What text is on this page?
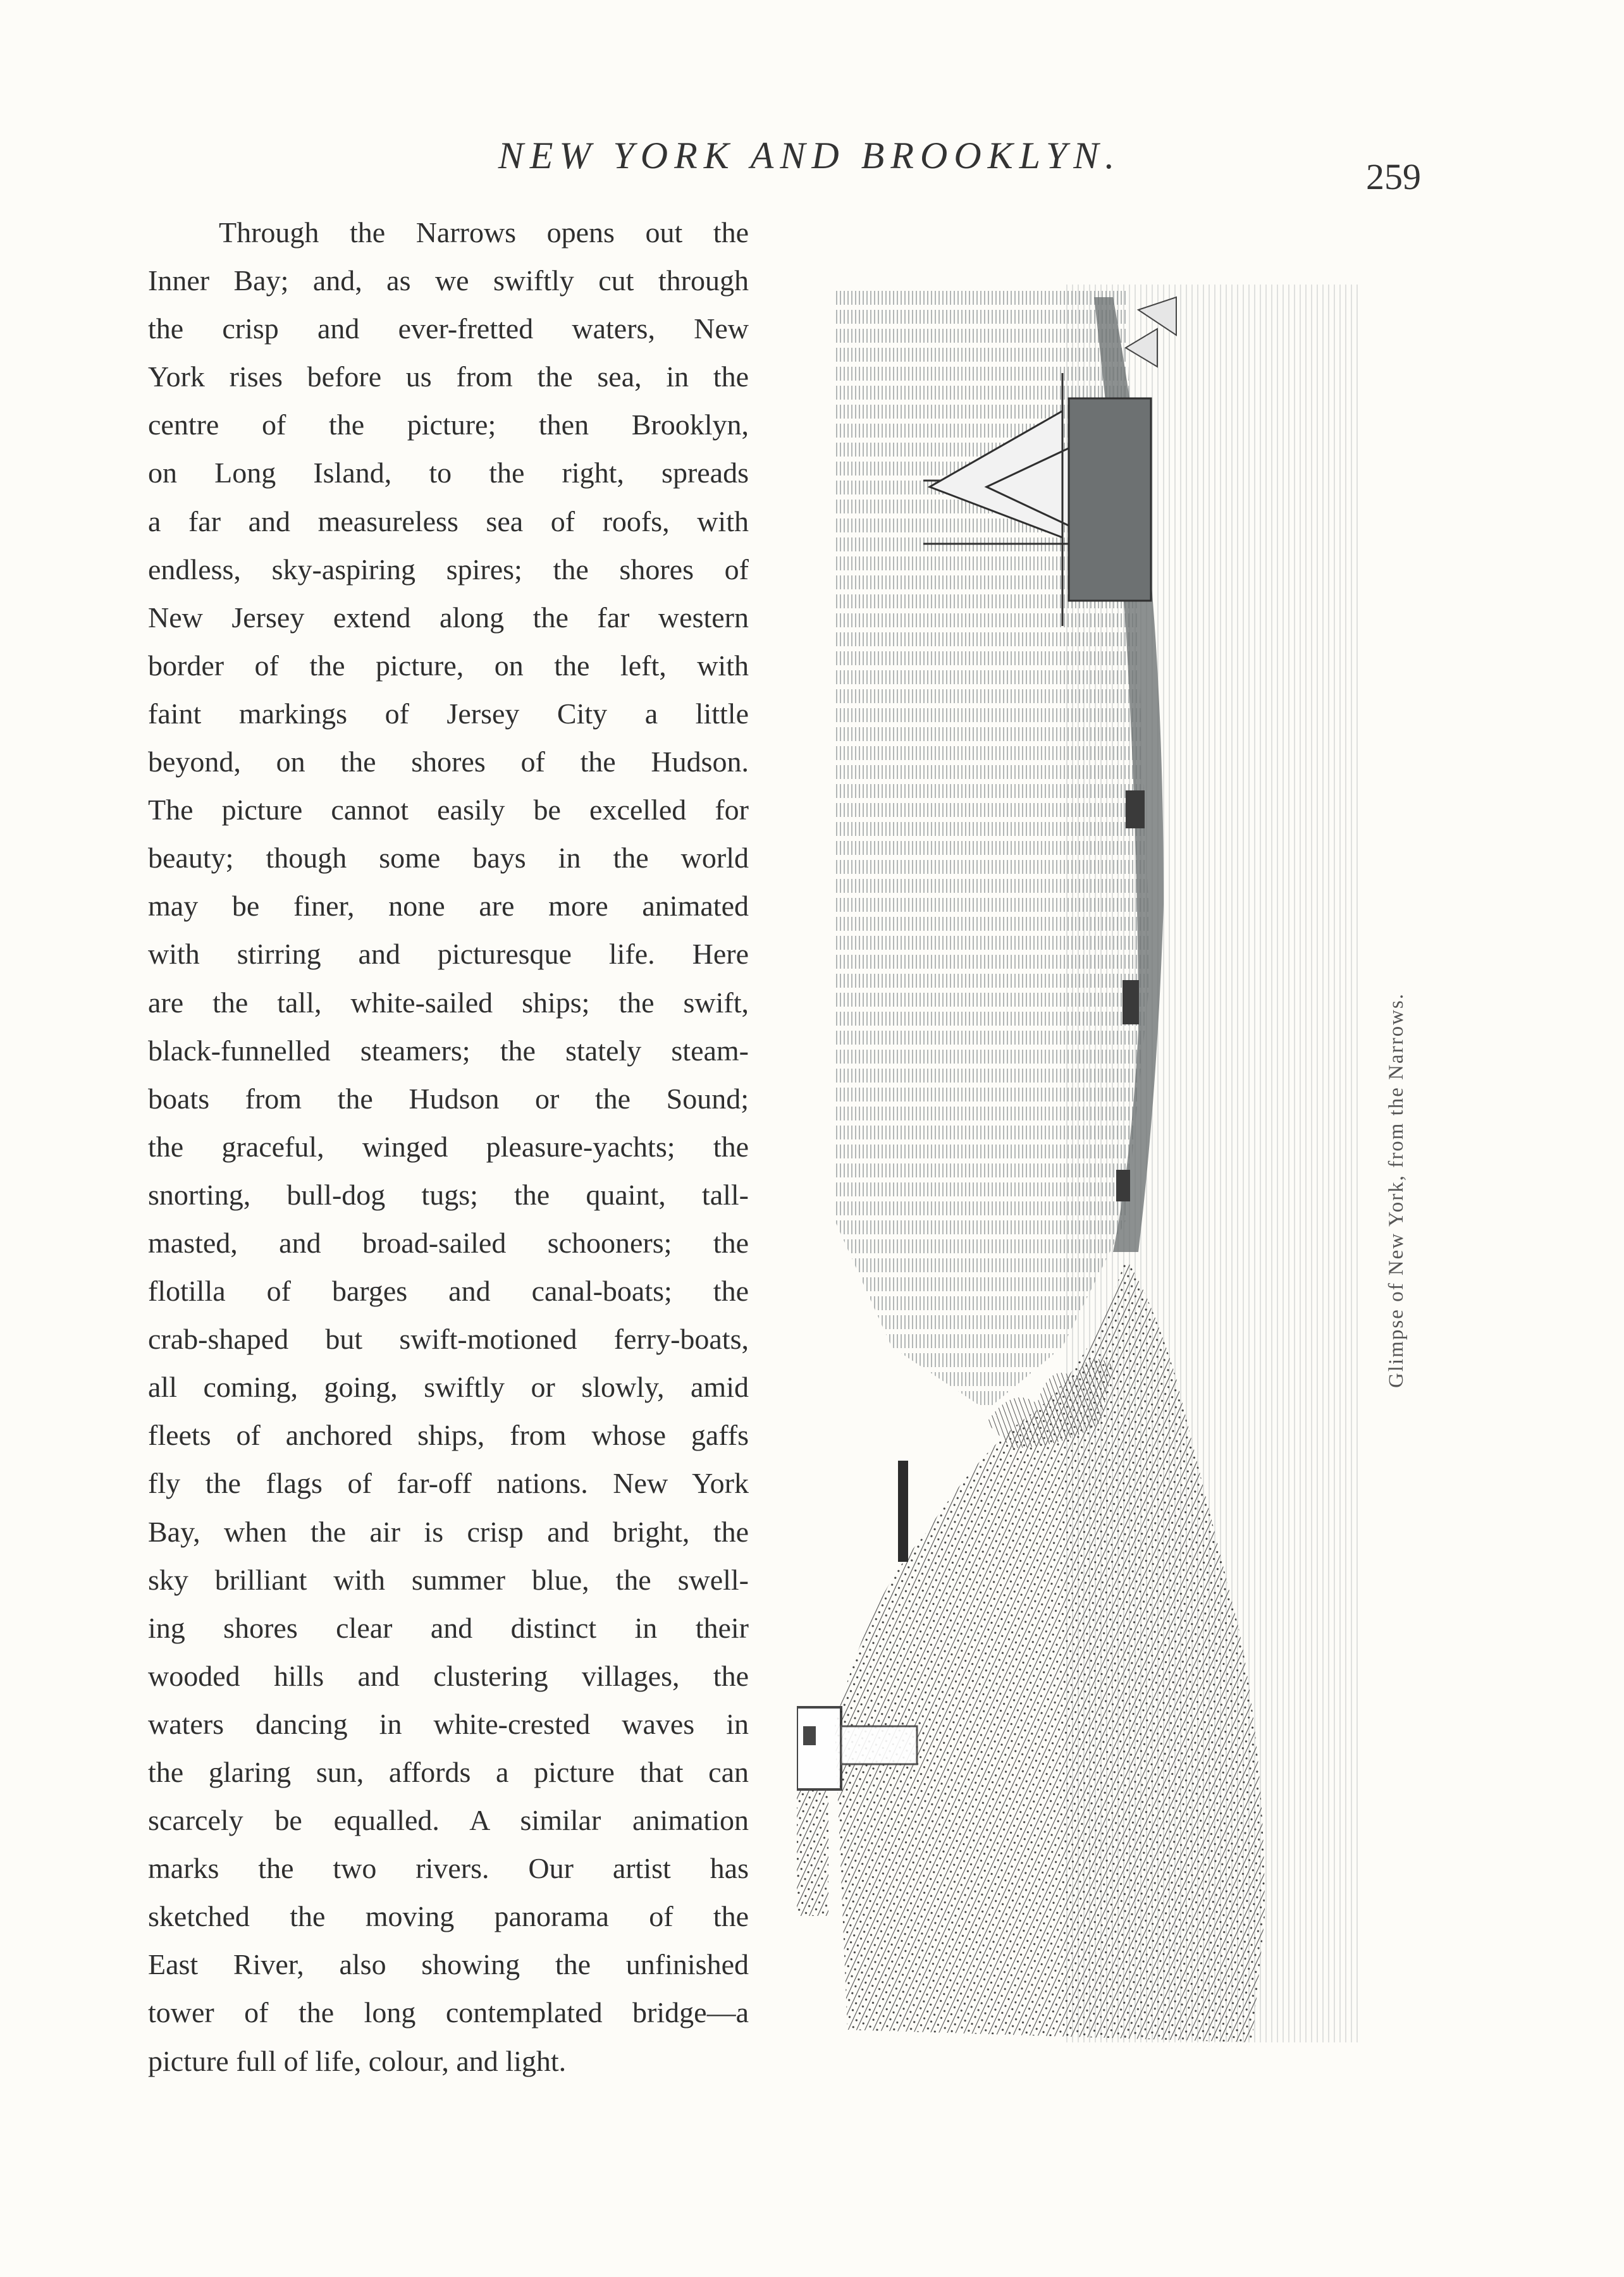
NEW YORK AND BROOKLYN.
259
Through the Narrows opens out the
Inner Bay; and, as we swiftly cut through
the crisp and ever-fretted waters, New
York rises before us from the sea, in the
centre of the picture; then Brooklyn,
on Long Island, to the right, spreads
a far and measureless sea of roofs, with
endless, sky-aspiring spires; the shores of
New Jersey extend along the far western
border of the picture, on the left, with
faint markings of Jersey City a little
beyond, on the shores of the Hudson.
The picture cannot easily be excelled for
beauty; though some bays in the world
may be finer, none are more animated
with stirring and picturesque life. Here
are the tall, white-sailed ships; the swift,
black-funnelled steamers; the stately steam-
boats from the Hudson or the Sound;
the graceful, winged pleasure-yachts; the
snorting, bull-dog tugs; the quaint, tall-
masted, and broad-sailed schooners; the
flotilla of barges and canal-boats; the
crab-shaped but swift-motioned ferry-boats,
all coming, going, swiftly or slowly, amid
fleets of anchored ships, from whose gaffs
fly the flags of far-off nations. New York
Bay, when the air is crisp and bright, the
sky brilliant with summer blue, the swell-
ing shores clear and distinct in their
wooded hills and clustering villages, the
waters dancing in white-crested waves in
the glaring sun, affords a picture that can
scarcely be equalled. A similar animation
marks the two rivers. Our artist has
sketched the moving panorama of the
East River, also showing the unfinished
tower of the long contemplated bridge—a
picture full of life, colour, and light.
Glimpse of New York, from the Narrows.
